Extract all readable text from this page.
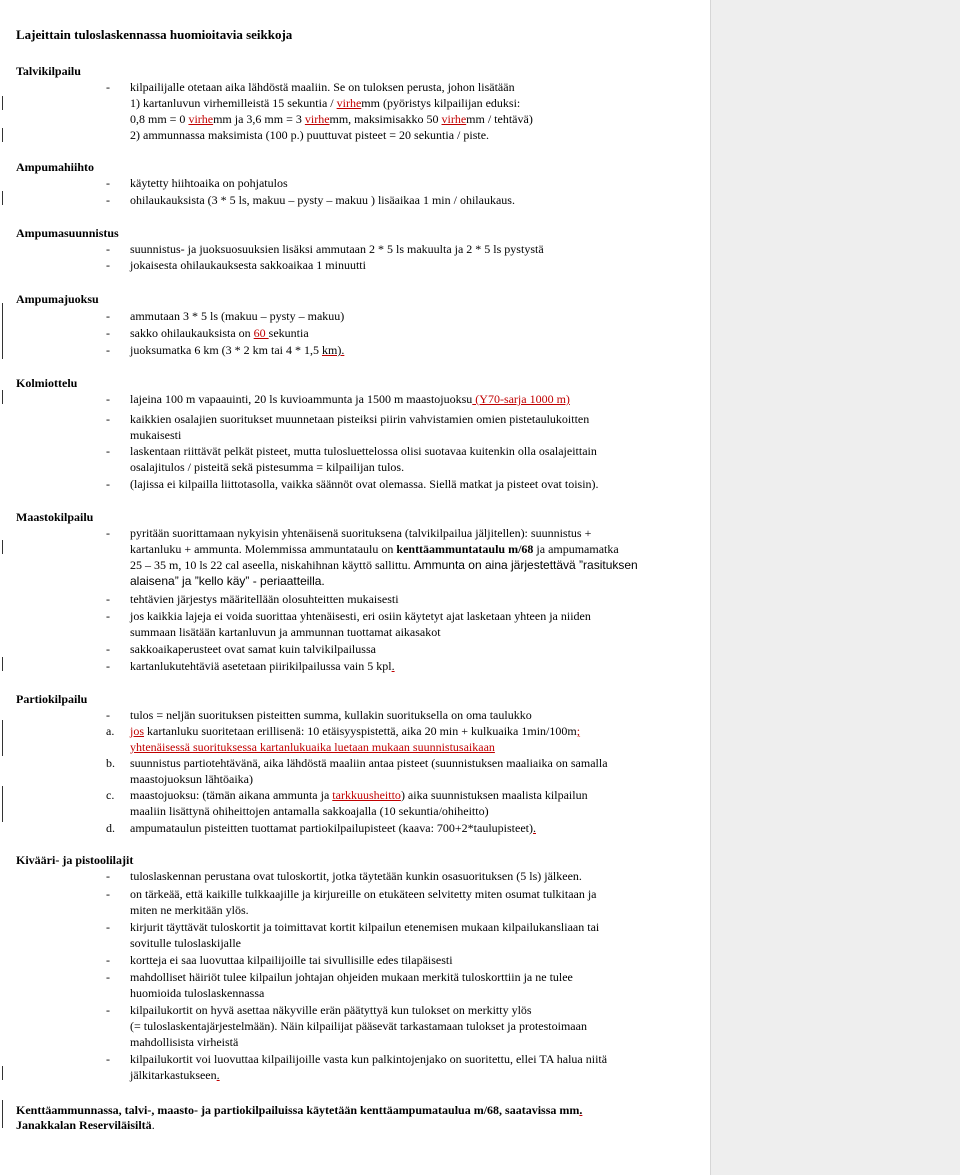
Lajeittain tuloslaskennassa huomioitavia seikkoja
Talvikilpailu
- kilpailijalle otetaan aika lähdöstä maaliin. Se on tuloksen perusta, johon lisätään
1) kartanluvun virhemilleistä 15 sekuntia / virhemm (pyöristys kilpailijan eduksi:
0,8 mm = 0 virhemm ja 3,6 mm = 3 virhemm, maksimisakko 50 virhemm / tehtävä)
2) ammunnassa maksimista (100 p.) puuttuvat pisteet = 20 sekuntia / piste.
Ampumahiihto
- käytetty hiihtoaika on pohjatulos
- ohilaukauksista (3 * 5 ls, makuu – pysty – makuu ) lisäaikaa 1 min / ohilaukaus.
Ampumasuunnistus
- suunnistus- ja juoksuosuuksien lisäksi ammutaan 2 * 5 ls makuulta ja 2 * 5 ls pystystä
- jokaisesta ohilaukauksesta sakkoaikaa 1 minuutti
Ampumajuoksu
- ammutaan 3 * 5 ls (makuu – pysty – makuu)
- sakko ohilaukauksista on 60 sekuntia
- juoksumatka 6 km (3 * 2 km tai 4 * 1,5 km).
Kolmiottelu
- lajeina 100 m vapaauinti, 20 ls kuvioammunta ja 1500 m maastojuoksu (Y70-sarja 1000 m)
- kaikkien osalajien suoritukset muunnetaan pisteiksi piirin vahvistamien omien pistetaulukoitten
mukaisesti
- laskentaan riittävät pelkät pisteet, mutta tulosluettelossa olisi suotavaa kuitenkin olla osalajeittain
osalajitulos / pisteitä sekä pistesumma = kilpailijan tulos.
- (lajissa ei kilpailla liittotasolla, vaikka säännöt ovat olemassa. Siellä matkat ja pisteet ovat toisin).
Maastokilpailu
- pyritään suorittamaan nykyisin yhtenäisenä suorituksena (talvikilpailua jäljitellen): suunnistus +
kartanluku + ammunta. Molemmissa ammuntataulu on kenttäammuntataulu m/68 ja ampumamatka
25 – 35 m, 10 ls 22 cal aseella, niskahihnan käyttö sallittu. Ammunta on aina järjestettävä ”rasituksen
alaisena” ja ”kello käy” - periaatteilla.
- tehtävien järjestys määritellään olosuhteitten mukaisesti
- jos kaikkia lajeja ei voida suorittaa yhtenäisesti, eri osiin käytetyt ajat lasketaan yhteen ja niiden
summaan lisätään kartanluvun ja ammunnan tuottamat aikasakot
- sakkoaikaperusteet ovat samat kuin talvikilpailussa
- kartanlukutehtäviä asetetaan piirikilpailussa vain 5 kpl.
Partiokilpailu
- tulos = neljän suorituksen pisteitten summa, kullakin suorituksella on oma taulukko
a. jos kartanluku suoritetaan erillisenä: 10 etäisyyspistettä, aika 20 min + kulkuaika 1min/100m;
yhtenäisessä suorituksessa kartanlukuaika luetaan mukaan suunnistusaikaan
b. suunnistus partiotehtävänä, aika lähdöstä maaliin antaa pisteet (suunnistuksen maaliaika on samalla
maastojuoksun lähtöaika)
c. maastojuoksu: (tämän aikana ammunta ja tarkkuusheitto) aika suunnistuksen maalista kilpailun
maaliin lisättynä ohiheittojen antamalla sakkoajalla (10 sekuntia/ohiheitto)
d. ampumataulun pisteitten tuottamat partiokilpailupisteet (kaava: 700+2*taulupisteet).
Kivääri- ja pistoolilajit
- tuloslaskennan perustana ovat tuloskortit, jotka täytetään kunkin osasuorituksen (5 ls) jälkeen.
- on tärkeää, että kaikille tulkkaajille ja kirjureille on etukäteen selvitetty miten osumat tulkitaan ja
miten ne merkitään ylös.
- kirjurit täyttävät tuloskortit ja toimittavat kortit kilpailun etenemisen mukaan kilpailukansliaan tai
sovitulle tuloslaskijalle
- kortteja ei saa luovuttaa kilpailijoille tai sivullisille edes tilapäisesti
- mahdolliset häiriöt tulee kilpailun johtajan ohjeiden mukaan merkitä tuloskorttiin ja ne tulee
huomioida tuloslaskennassa
- kilpailukortit on hyvä asettaa näkyville erän päätyttyä kun tulokset on merkitty ylös
(= tuloslaskentajärjestelmään). Näin kilpailijat pääsevät tarkastamaan tulokset ja protestoimaan
mahdollisista virheistä
- kilpailukortit voi luovuttaa kilpailijoille vasta kun palkintojenjako on suoritettu, ellei TA halua niitä
jälkitarkastukseen.
Kenttäammunnassa, talvi-, maasto- ja partiokilpailuissa käytetään kenttäampumataulua m/68, saatavissa mm.
Janakkalan Reserviläisiltä.
